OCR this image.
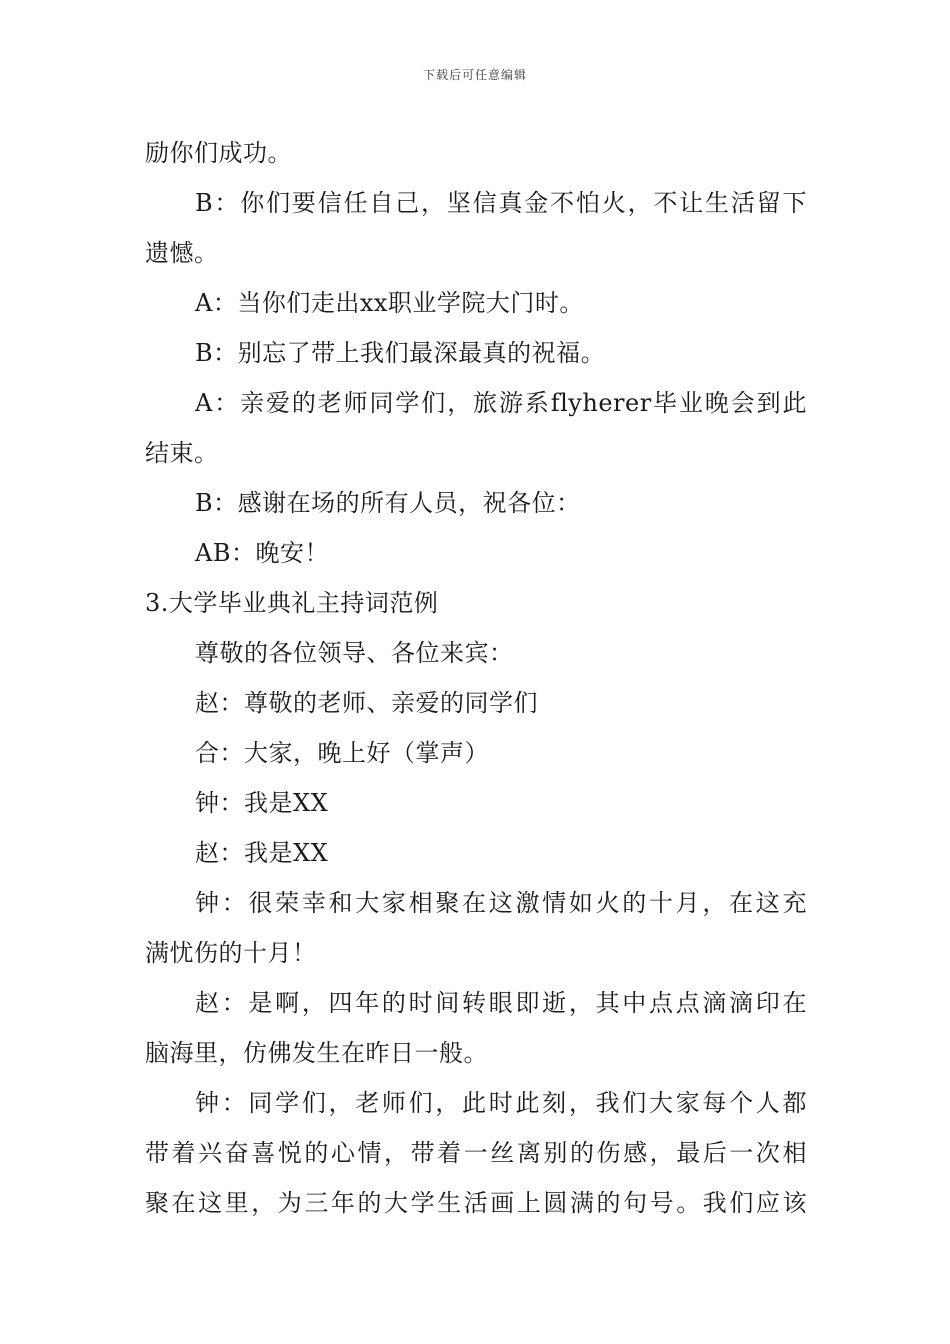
下载后可任意编辑
励你们成功。
B：你们要信任自己，坚信真金不怕火，不让生活留下
遗憾。
A：当你们走出xx职业学院大门时。
B：别忘了带上我们最深最真的祝福。
A：亲爱的老师同学们，旅游系flyherer毕业晚会到此
结束。
B：感谢在场的所有人员，祝各位：
AB：晚安！
3.大学毕业典礼主持词范例
尊敬的各位领导、各位来宾：
赵：尊敬的老师、亲爱的同学们
合：大家，晚上好（掌声）
钟：我是XX
赵：我是XX
钟：很荣幸和大家相聚在这激情如火的十月，在这充
满忧伤的十月！
赵：是啊，四年的时间转眼即逝，其中点点滴滴印在
脑海里，仿佛发生在昨日一般。
钟：同学们，老师们，此时此刻，我们大家每个人都
带着兴奋喜悦的心情，带着一丝离别的伤感，最后一次相
聚在这里，为三年的大学生活画上圆满的句号。我们应该
